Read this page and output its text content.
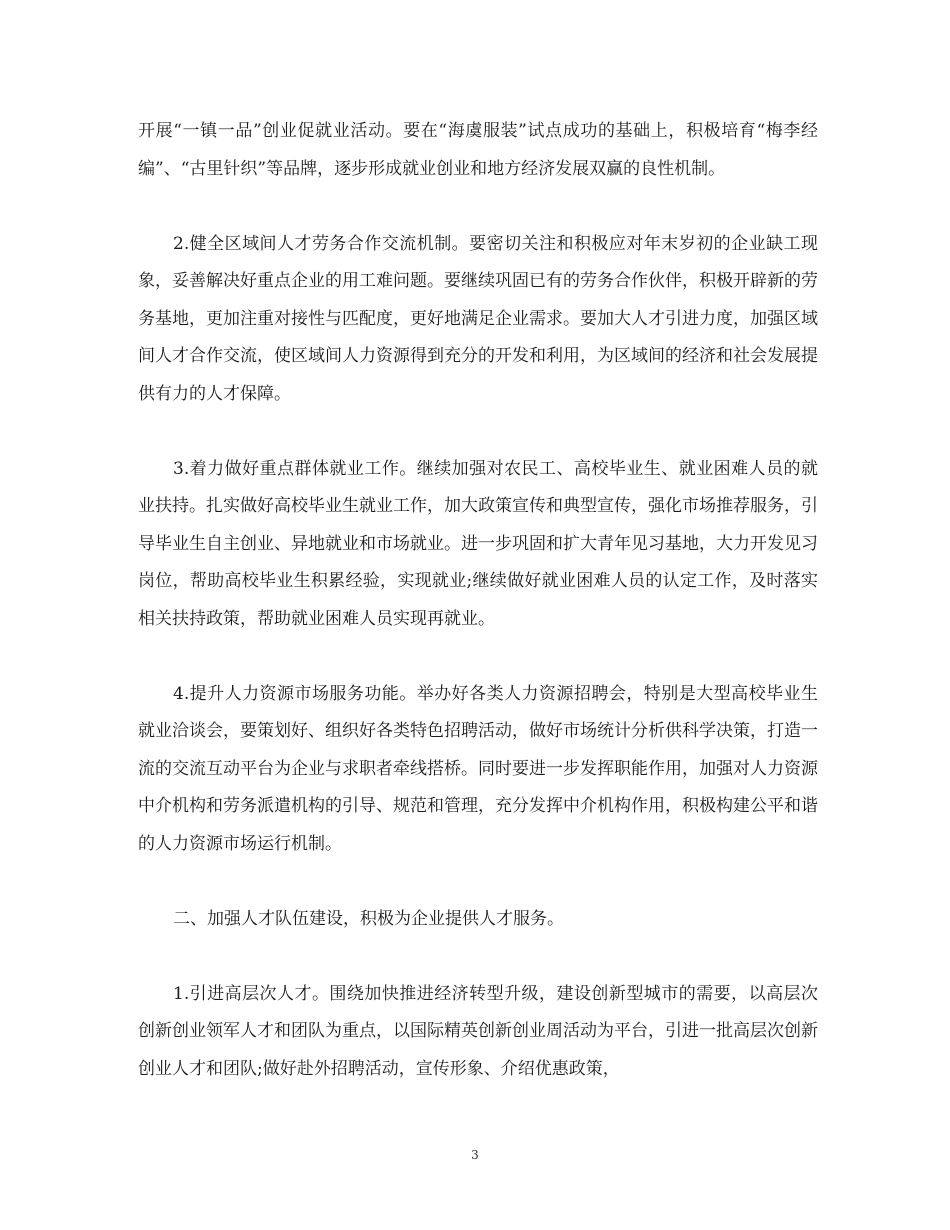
开展“一镇一品”创业促就业活动。要在“海虞服装”试点成功的基础上，积极培育“梅李经编”、“古里针织”等品牌，逐步形成就业创业和地方经济发展双赢的良性机制。

2.健全区域间人才劳务合作交流机制。要密切关注和积极应对年末岁初的企业缺工现象，妥善解决好重点企业的用工难问题。要继续巩固已有的劳务合作伙伴，积极开辟新的劳务基地，更加注重对接性与匹配度，更好地满足企业需求。要加大人才引进力度，加强区域间人才合作交流，使区域间人力资源得到充分的开发和利用，为区域间的经济和社会发展提供有力的人才保障。

3.着力做好重点群体就业工作。继续加强对农民工、高校毕业生、就业困难人员的就业扶持。扎实做好高校毕业生就业工作，加大政策宣传和典型宣传，强化市场推荐服务，引导毕业生自主创业、异地就业和市场就业。进一步巩固和扩大青年见习基地，大力开发见习岗位，帮助高校毕业生积累经验，实现就业;继续做好就业困难人员的认定工作，及时落实相关扶持政策，帮助就业困难人员实现再就业。

4.提升人力资源市场服务功能。举办好各类人力资源招聘会，特别是大型高校毕业生就业洽谈会，要策划好、组织好各类特色招聘活动，做好市场统计分析供科学决策，打造一流的交流互动平台为企业与求职者牵线搭桥。同时要进一步发挥职能作用，加强对人力资源中介机构和劳务派遣机构的引导、规范和管理，充分发挥中介机构作用，积极构建公平和谐的人力资源市场运行机制。

二、加强人才队伍建设，积极为企业提供人才服务。

1.引进高层次人才。围绕加快推进经济转型升级，建设创新型城市的需要，以高层次创新创业领军人才和团队为重点，以国际精英创新创业周活动为平台，引进一批高层次创新创业人才和团队;做好赴外招聘活动，宣传形象、介绍优惠政策，

3
